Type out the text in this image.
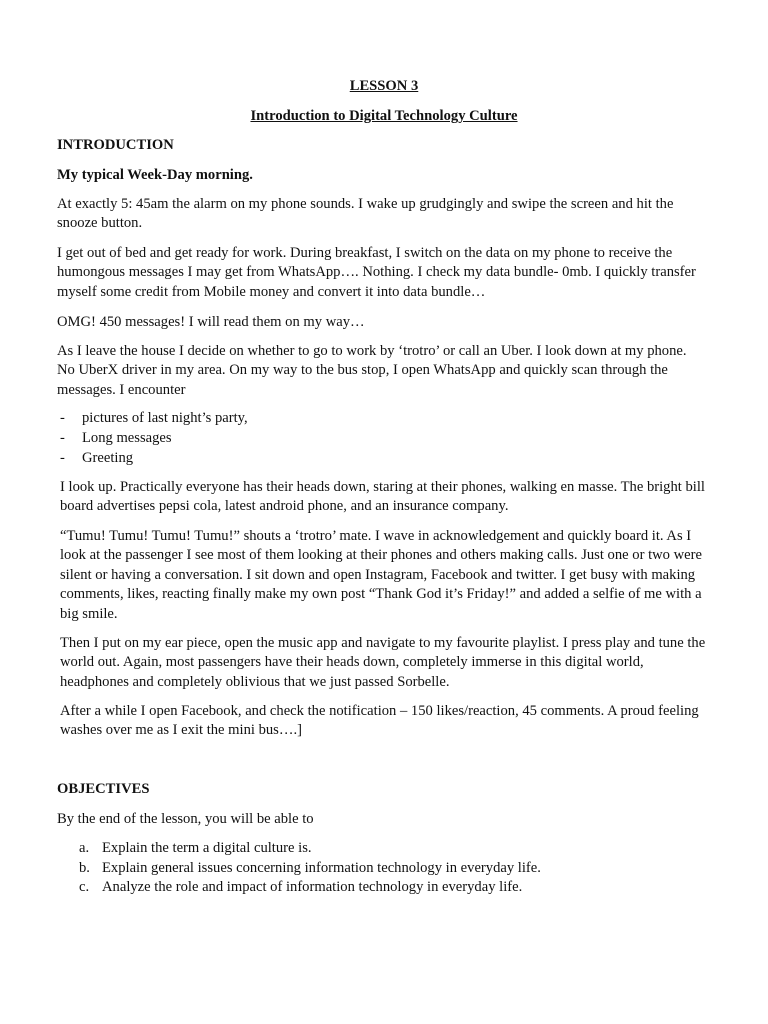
LESSON 3
Introduction to Digital Technology Culture
INTRODUCTION
My typical Week-Day morning.
At exactly 5: 45am the alarm on my phone sounds. I wake up grudgingly and swipe the screen and hit the snooze button.
I get out of bed and get ready for work. During breakfast, I switch on the data on my phone to receive the humongous messages I may get from WhatsApp…. Nothing. I check my data bundle- 0mb. I quickly transfer myself some credit from Mobile money and convert it into data bundle…
OMG! 450 messages! I will read them on my way…
As I leave the house I decide on whether to go to work by ‘trotro’ or call an Uber. I look down at my phone. No UberX driver in my area. On my way to the bus stop, I open WhatsApp and quickly scan through the messages. I encounter
- pictures of last night’s party,
- Long messages
- Greeting
I look up. Practically everyone has their heads down, staring at their phones, walking en masse. The bright bill board advertises pepsi cola, latest android phone, and an insurance company.
“Tumu! Tumu! Tumu! Tumu!” shouts a ‘trotro’ mate. I wave in acknowledgement and quickly board it. As I look at the passenger I see most of them looking at their phones and others making calls. Just one or two were silent or having a conversation. I sit down and open Instagram, Facebook and twitter. I get busy with making comments, likes, reacting finally make my own post “Thank God it’s Friday!” and added a selfie of me with a big smile.
Then I put on my ear piece, open the music app and navigate to my favourite playlist. I press play and tune the world out. Again, most passengers have their heads down, completely immerse in this digital world, headphones and completely oblivious that we just passed Sorbelle.
After a while I open Facebook, and check the notification – 150 likes/reaction, 45 comments. A proud feeling washes over me as I exit the mini bus….]
OBJECTIVES
By the end of the lesson, you will be able to
a. Explain the term a digital culture is.
b. Explain general issues concerning information technology in everyday life.
c. Analyze the role and impact of information technology in everyday life.
